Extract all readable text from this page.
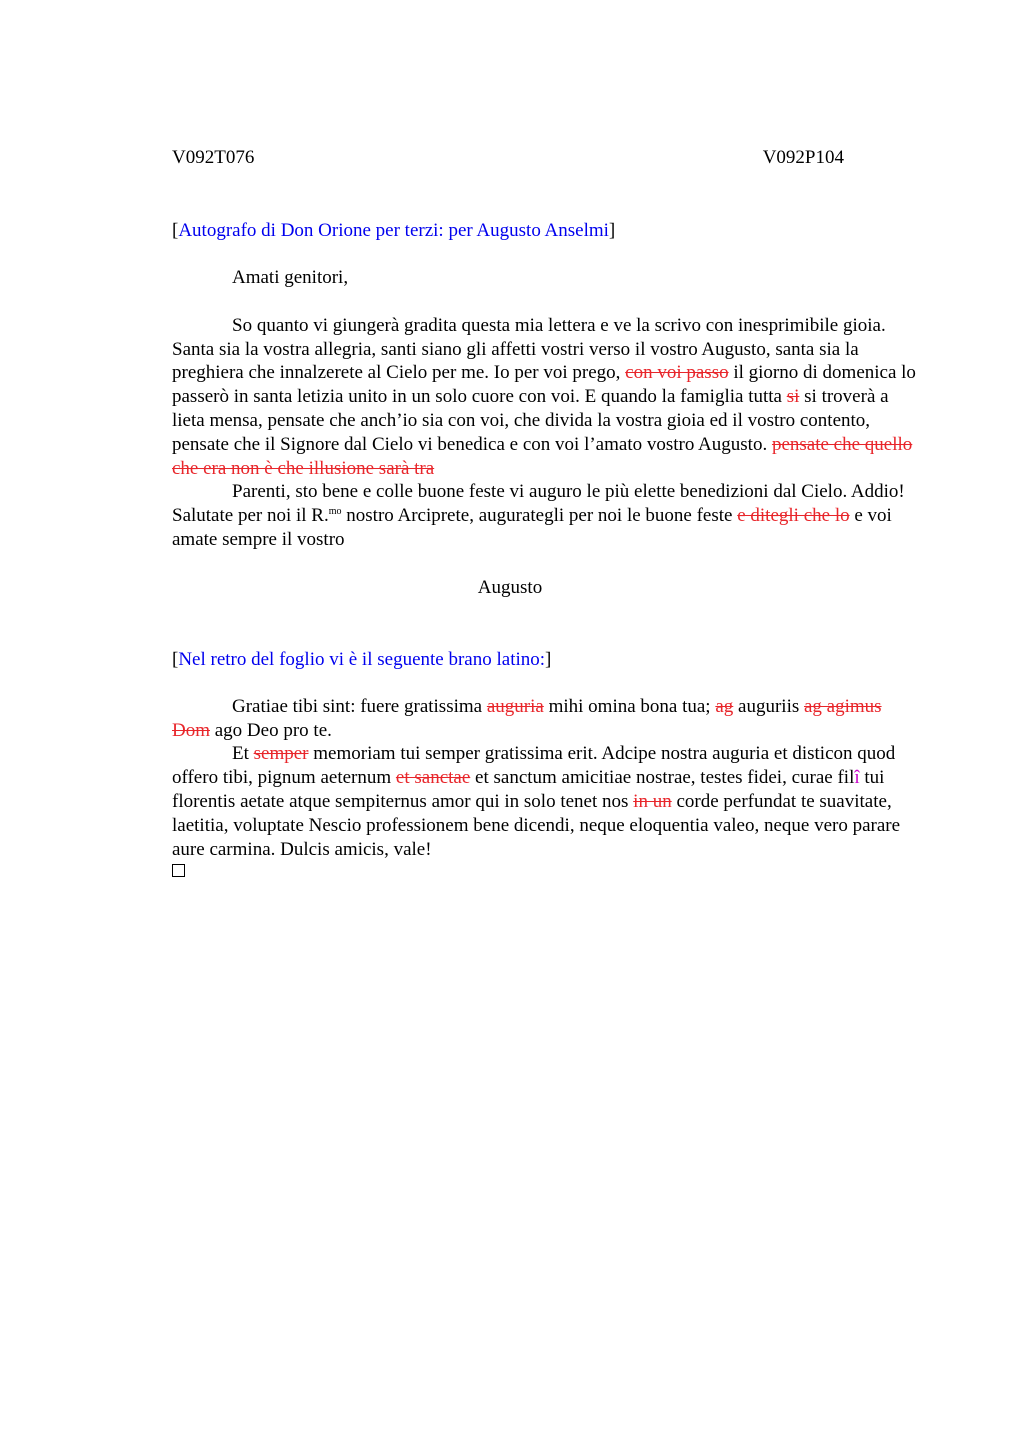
V092T076	V092P104
[Autografo di Don Orione per terzi: per Augusto Anselmi]

Amati genitori,

So quanto vi giungerà gradita questa mia lettera e ve la scrivo con inesprimibile gioia. Santa sia la vostra allegria, santi siano gli affetti vostri verso il vostro Augusto, santa sia la preghiera che innalzerete al Cielo per me. Io per voi prego, con voi passo il giorno di domenica lo passerò in santa letizia unito in un solo cuore con voi. E quando la famiglia tutta si si troverà a lieta mensa, pensate che anch’io sia con voi, che divida la vostra gioia ed il vostro contento, pensate che il Signore dal Cielo vi benedica e con voi l’amato vostro Augusto. pensate che quello che era non è che illusione sarà tra

Parenti, sto bene e colle buone feste vi auguro le più elette benedizioni dal Cielo. Addio! Salutate per noi il R.$^{mo}$ nostro Arciprete, augurategli per noi le buone feste e ditegli che lo e voi amate sempre il vostro

Augusto
[Nel retro del foglio vi è il seguente brano latino:]

Gratiae tibi sint: fuere gratissima auguria mihi omina bona tua; ag auguriis ag agimus Dom ago Deo pro te.

Et semper memoriam tui semper gratissima erit. Adcipe nostra auguria et disticon quod offero tibi, pignum aeternum et sanctae et sanctum amicitiae nostrae, testes fidei, curae filî tui florentis aetate atque sempiternus amor qui in solo tenet nos in un corde perfundat te suavitate, laetitia, voluptate Nescio professionem bene dicendi, neque eloquentia valeo, neque vero parare aure carmina. Dulcis amicis, vale!
